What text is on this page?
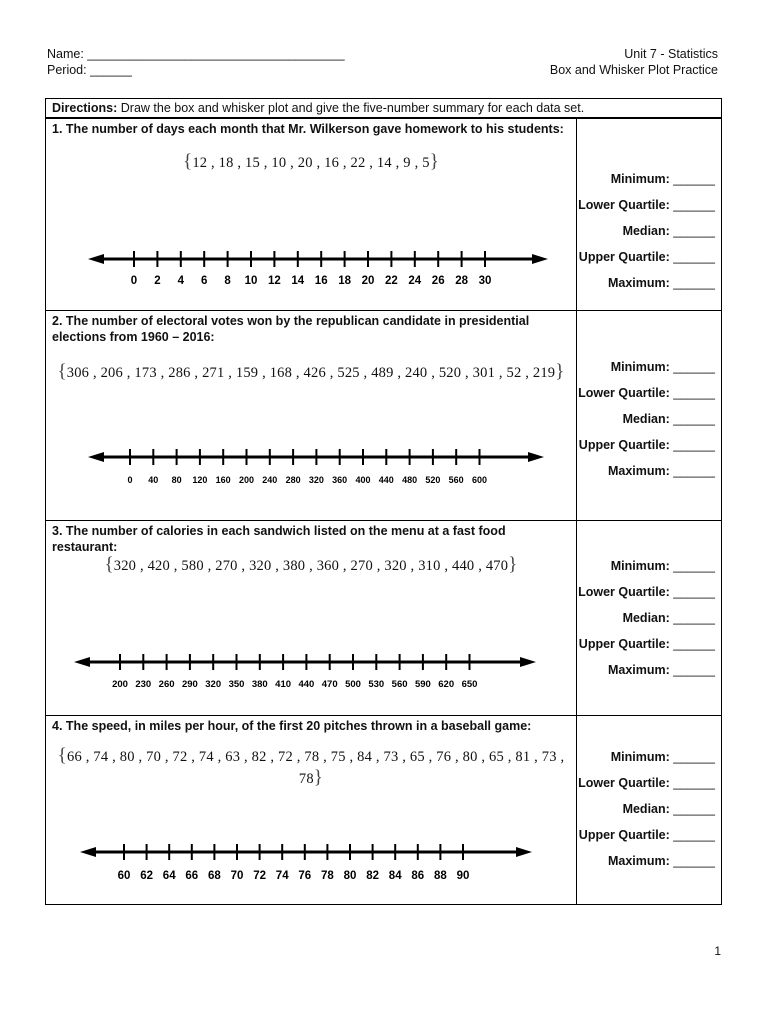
Name: _____________________________________
Period: ______
Unit 7 - Statistics
Box and Whisker Plot Practice
Directions: Draw the box and whisker plot and give the five-number summary for each data set.
1. The number of days each month that Mr. Wilkerson gave homework to his students:
{12 , 18 , 15 , 10 , 20 , 16 , 22 , 14 , 9 , 5}
0 2 4 6 8 10 12 14 16 18 20 22 24 26 28 30
Minimum: ______
Lower Quartile: ______
Median: ______
Upper Quartile: ______
Maximum: ______
2. The number of electoral votes won by the republican candidate in presidential elections from 1960 – 2016:
{306 , 206 , 173 , 286 , 271 , 159 , 168 , 426 , 525 , 489 , 240 , 520 , 301 , 52 , 219}
0 40 80 120 160 200 240 280 320 360 400 440 480 520 560 600
Minimum: ______
Lower Quartile: ______
Median: ______
Upper Quartile: ______
Maximum: ______
3. The number of calories in each sandwich listed on the menu at a fast food restaurant:
{320 , 420 , 580 , 270 , 320 , 380 , 360 , 270 , 320 , 310 , 440 , 470}
200 230 260 290 320 350 380 410 440 470 500 530 560 590 620 650
Minimum: ______
Lower Quartile: ______
Median: ______
Upper Quartile: ______
Maximum: ______
4. The speed, in miles per hour, of the first 20 pitches thrown in a baseball game:
{66 , 74 , 80 , 70 , 72 , 74 , 63 , 82 , 72 , 78 , 75 , 84 , 73 , 65 , 76 , 80 , 65 , 81 , 73 , 78}
60 62 64 66 68 70 72 74 76 78 80 82 84 86 88 90
Minimum: ______
Lower Quartile: ______
Median: ______
Upper Quartile: ______
Maximum: ______
1
